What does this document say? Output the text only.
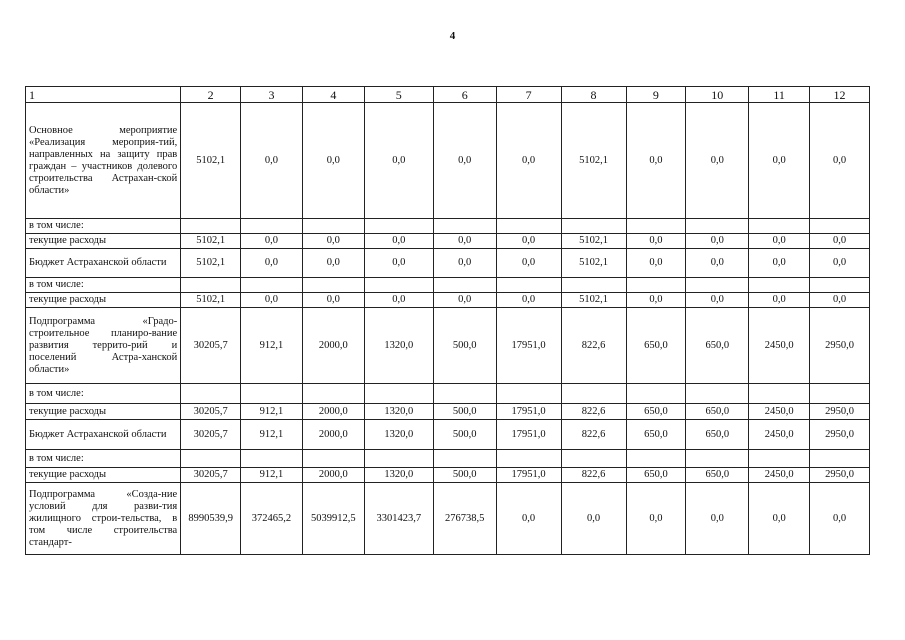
4
1	2	3	4	5	6	7	8	9	10	11	12
Основное мероприятие «Реализация мероприя-тий, направленных на защиту прав граждан – участников долевого строительства Астрахан-ской области»	5102,1	0,0	0,0	0,0	0,0	0,0	5102,1	0,0	0,0	0,0	0,0
в том числе:											
текущие расходы	5102,1	0,0	0,0	0,0	0,0	0,0	5102,1	0,0	0,0	0,0	0,0
Бюджет Астраханской области	5102,1	0,0	0,0	0,0	0,0	0,0	5102,1	0,0	0,0	0,0	0,0
в том числе:											
текущие расходы	5102,1	0,0	0,0	0,0	0,0	0,0	5102,1	0,0	0,0	0,0	0,0
Подпрограмма «Градо-строительное планиро-вание развития террито-рий и поселений Астра-ханской области»	30205,7	912,1	2000,0	1320,0	500,0	17951,0	822,6	650,0	650,0	2450,0	2950,0
в том числе:											
текущие расходы	30205,7	912,1	2000,0	1320,0	500,0	17951,0	822,6	650,0	650,0	2450,0	2950,0
Бюджет Астраханской области	30205,7	912,1	2000,0	1320,0	500,0	17951,0	822,6	650,0	650,0	2450,0	2950,0
в том числе:											
текущие расходы	30205,7	912,1	2000,0	1320,0	500,0	17951,0	822,6	650,0	650,0	2450,0	2950,0
Подпрограмма «Созда-ние условий для разви-тия жилищного строи-тельства, в том числе строительства стандарт-	8990539,9	372465,2	5039912,5	3301423,7	276738,5	0,0	0,0	0,0	0,0	0,0	0,0
